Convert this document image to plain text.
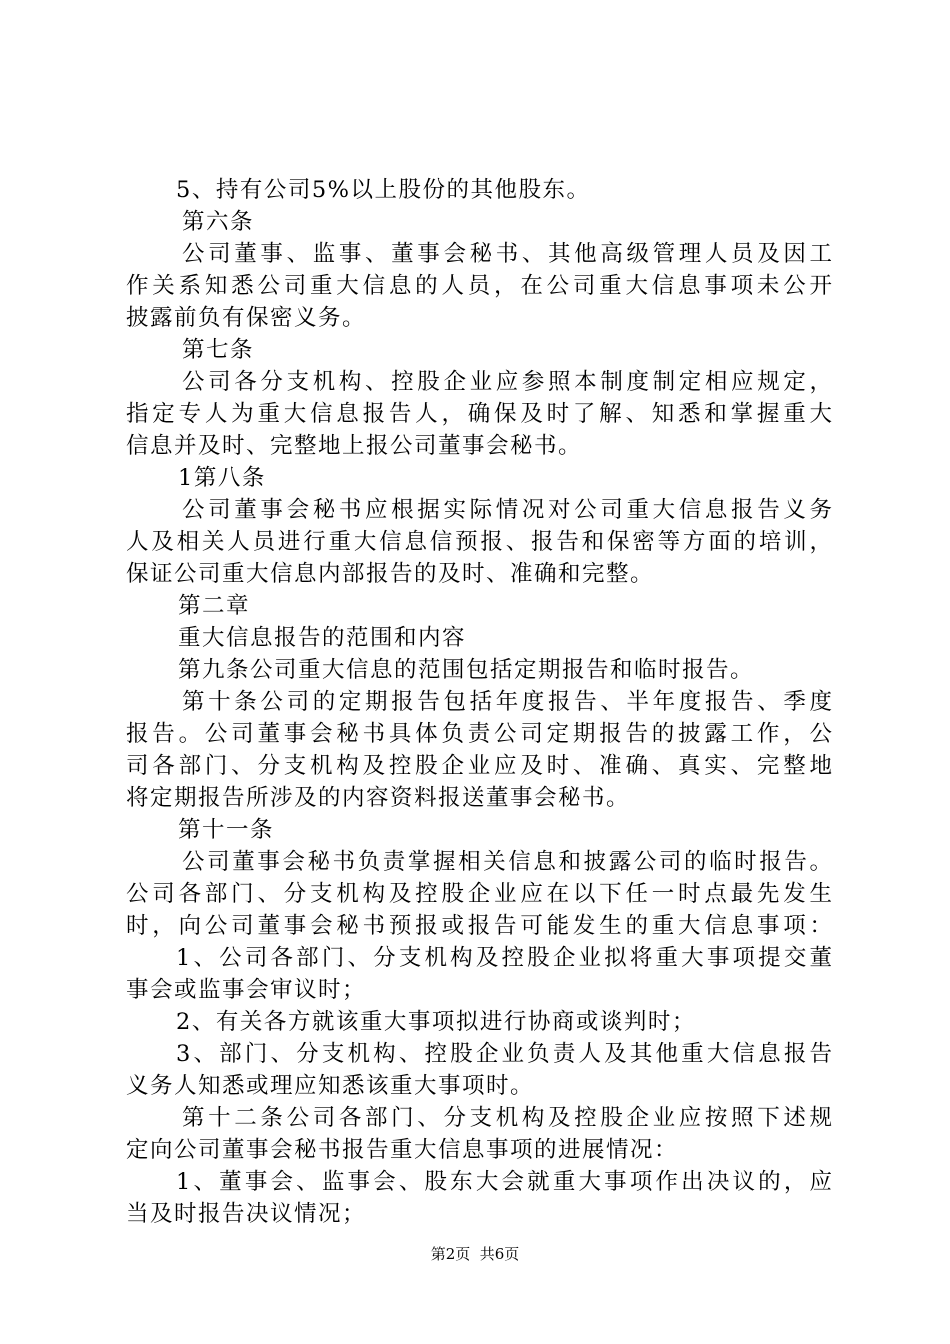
5、持有公司5%以上股份的其他股东。
第六条
公司董事、监事、董事会秘书、其他高级管理人员及因工
作关系知悉公司重大信息的人员，在公司重大信息事项未公开
披露前负有保密义务。
第七条
公司各分支机构、控股企业应参照本制度制定相应规定，
指定专人为重大信息报告人，确保及时了解、知悉和掌握重大
信息并及时、完整地上报公司董事会秘书。
1第八条
公司董事会秘书应根据实际情况对公司重大信息报告义务
人及相关人员进行重大信息信预报、报告和保密等方面的培训，
保证公司重大信息内部报告的及时、准确和完整。
第二章
重大信息报告的范围和内容
第九条公司重大信息的范围包括定期报告和临时报告。
第十条公司的定期报告包括年度报告、半年度报告、季度
报告。公司董事会秘书具体负责公司定期报告的披露工作，公
司各部门、分支机构及控股企业应及时、准确、真实、完整地
将定期报告所涉及的内容资料报送董事会秘书。
第十一条
公司董事会秘书负责掌握相关信息和披露公司的临时报告。
公司各部门、分支机构及控股企业应在以下任一时点最先发生
时，向公司董事会秘书预报或报告可能发生的重大信息事项：
1、公司各部门、分支机构及控股企业拟将重大事项提交董
事会或监事会审议时；
2、有关各方就该重大事项拟进行协商或谈判时；
3、部门、分支机构、控股企业负责人及其他重大信息报告
义务人知悉或理应知悉该重大事项时。
第十二条公司各部门、分支机构及控股企业应按照下述规
定向公司董事会秘书报告重大信息事项的进展情况：
1、董事会、监事会、股东大会就重大事项作出决议的，应
当及时报告决议情况；
第2页  共6页
